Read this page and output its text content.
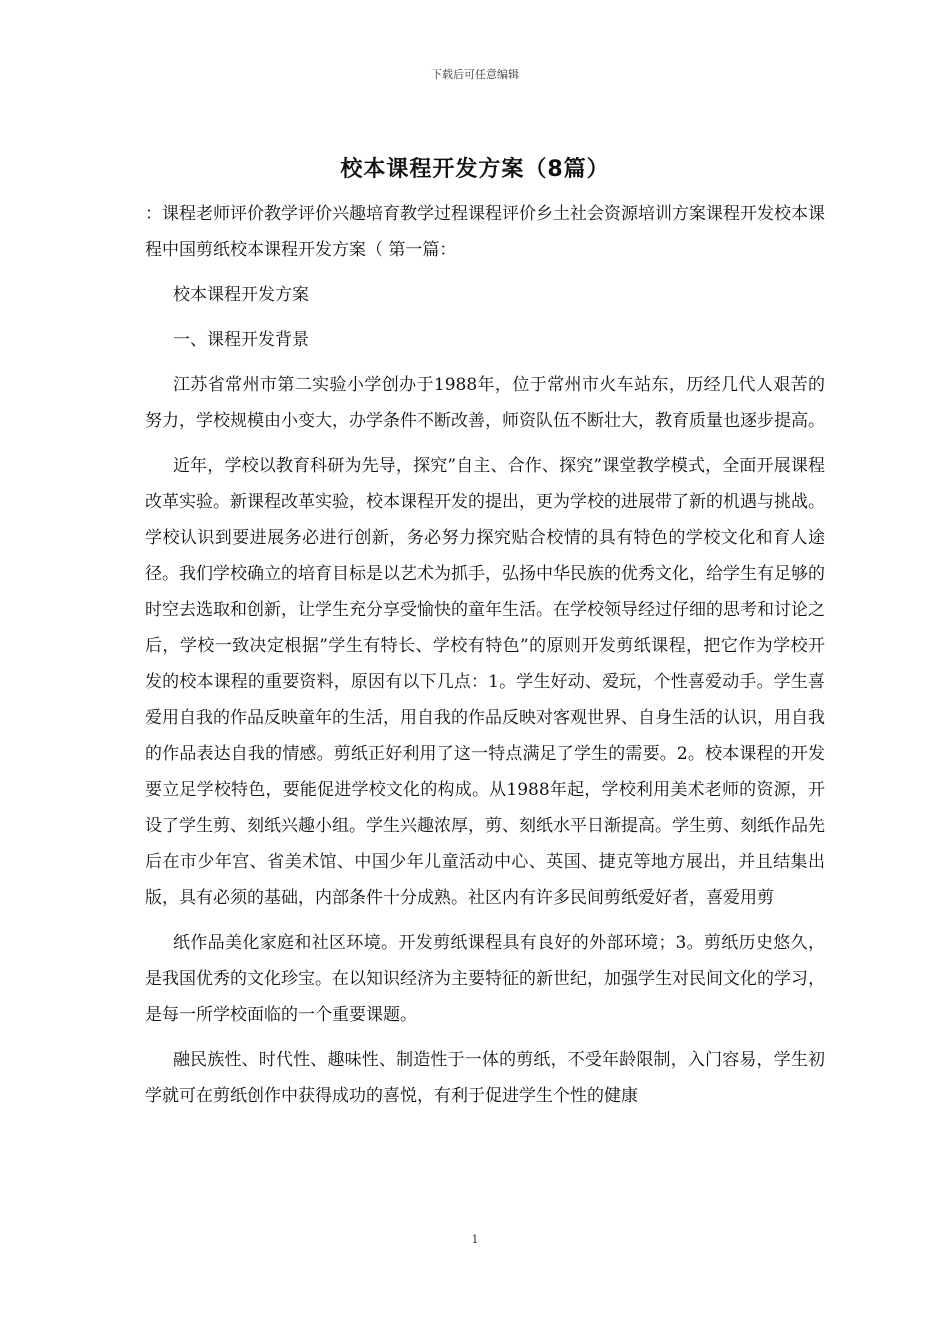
下载后可任意编辑
校本课程开发方案（8篇）

：课程老师评价教学评价兴趣培育教学过程课程评价乡土社会资源培训方案课程开发校本课程中国剪纸校本课程开发方案（ 第一篇：

校本课程开发方案

一、课程开发背景

江苏省常州市第二实验小学创办于1988年，位于常州市火车站东，历经几代人艰苦的努力，学校规模由小变大，办学条件不断改善，师资队伍不断壮大，教育质量也逐步提高。

近年，学校以教育科研为先导，探究”自主、合作、探究”课堂教学模式，全面开展课程改革实验。新课程改革实验，校本课程开发的提出，更为学校的进展带了新的机遇与挑战。学校认识到要进展务必进行创新，务必努力探究贴合校情的具有特色的学校文化和育人途径。我们学校确立的培育目标是以艺术为抓手，弘扬中华民族的优秀文化，给学生有足够的时空去选取和创新，让学生充分享受愉快的童年生活。在学校领导经过仔细的思考和讨论之后，学校一致决定根据”学生有特长、学校有特色”的原则开发剪纸课程，把它作为学校开发的校本课程的重要资料，原因有以下几点：1。学生好动、爱玩，个性喜爱动手。学生喜爱用自我的作品反映童年的生活，用自我的作品反映对客观世界、自身生活的认识，用自我的作品表达自我的情感。剪纸正好利用了这一特点满足了学生的需要。2。校本课程的开发要立足学校特色，要能促进学校文化的构成。从1988年起，学校利用美术老师的资源，开设了学生剪、刻纸兴趣小组。学生兴趣浓厚，剪、刻纸水平日渐提高。学生剪、刻纸作品先后在市少年宫、省美术馆、中国少年儿童活动中心、英国、捷克等地方展出，并且结集出版，具有必须的基础，内部条件十分成熟。社区内有许多民间剪纸爱好者，喜爱用剪

纸作品美化家庭和社区环境。开发剪纸课程具有良好的外部环境；3。剪纸历史悠久，是我国优秀的文化珍宝。在以知识经济为主要特征的新世纪，加强学生对民间文化的学习，是每一所学校面临的一个重要课题。

融民族性、时代性、趣味性、制造性于一体的剪纸，不受年龄限制，入门容易，学生初学就可在剪纸创作中获得成功的喜悦，有利于促进学生个性的健康

1
